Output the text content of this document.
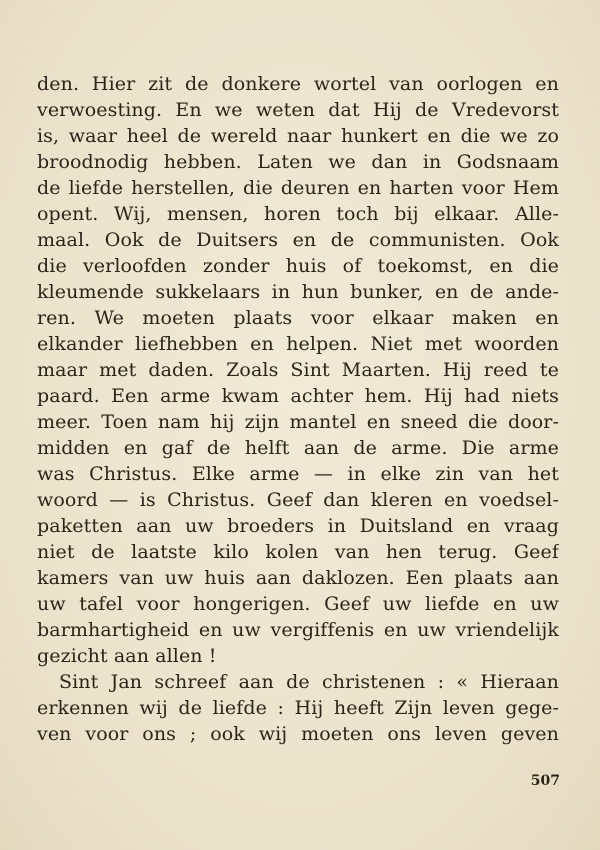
den. Hier zit de donkere wortel van oorlogen en
verwoesting. En we weten dat Hij de Vredevorst
is, waar heel de wereld naar hunkert en die we zo
broodnodig hebben. Laten we dan in Godsnaam
de liefde herstellen, die deuren en harten voor Hem
opent. Wij, mensen, horen toch bij elkaar. Alle-
maal. Ook de Duitsers en de communisten. Ook
die verloofden zonder huis of toekomst, en die
kleumende sukkelaars in hun bunker, en de ande-
ren. We moeten plaats voor elkaar maken en
elkander liefhebben en helpen. Niet met woorden
maar met daden. Zoals Sint Maarten. Hij reed te
paard. Een arme kwam achter hem. Hij had niets
meer. Toen nam hij zijn mantel en sneed die door-
midden en gaf de helft aan de arme. Die arme
was Christus. Elke arme — in elke zin van het
woord — is Christus. Geef dan kleren en voedsel-
paketten aan uw broeders in Duitsland en vraag
niet de laatste kilo kolen van hen terug. Geef
kamers van uw huis aan daklozen. Een plaats aan
uw tafel voor hongerigen. Geef uw liefde en uw
barmhartigheid en uw vergiffenis en uw vriendelijk
gezicht aan allen !
Sint Jan schreef aan de christenen : « Hieraan
erkennen wij de liefde : Hij heeft Zijn leven gege-
ven voor ons ; ook wij moeten ons leven geven
507
